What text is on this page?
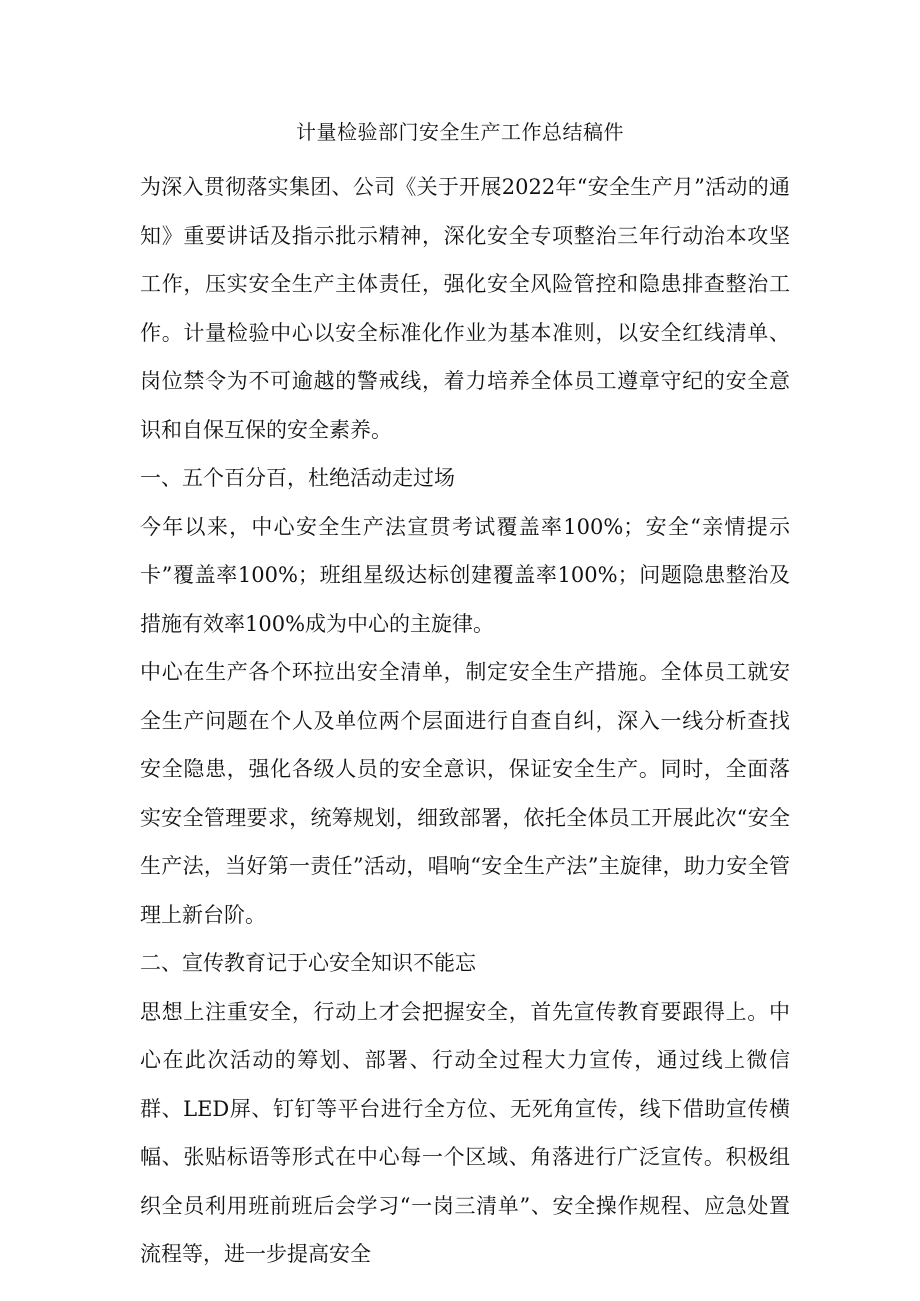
计量检验部门安全生产工作总结稿件

为深入贯彻落实集团、公司《关于开展2022年“安全生产月”活动的通知》重要讲话及指示批示精神，深化安全专项整治三年行动治本攻坚工作，压实安全生产主体责任，强化安全风险管控和隐患排查整治工作。计量检验中心以安全标准化作业为基本准则，以安全红线清单、岗位禁令为不可逾越的警戒线，着力培养全体员工遵章守纪的安全意识和自保互保的安全素养。

一、五个百分百，杜绝活动走过场

今年以来，中心安全生产法宣贯考试覆盖率100%；安全“亲情提示卡”覆盖率100%；班组星级达标创建覆盖率100%；问题隐患整治及措施有效率100%成为中心的主旋律。

中心在生产各个环拉出安全清单，制定安全生产措施。全体员工就安全生产问题在个人及单位两个层面进行自查自纠，深入一线分析查找安全隐患，强化各级人员的安全意识，保证安全生产。同时，全面落实安全管理要求，统筹规划，细致部署，依托全体员工开展此次“安全生产法，当好第一责任”活动，唱响“安全生产法”主旋律，助力安全管理上新台阶。

二、宣传教育记于心安全知识不能忘

思想上注重安全，行动上才会把握安全，首先宣传教育要跟得上。中心在此次活动的筹划、部署、行动全过程大力宣传，通过线上微信群、LED屏、钉钉等平台进行全方位、无死角宣传，线下借助宣传横幅、张贴标语等形式在中心每一个区域、角落进行广泛宣传。积极组织全员利用班前班后会学习“一岗三清单”、安全操作规程、应急处置流程等，进一步提高安全
